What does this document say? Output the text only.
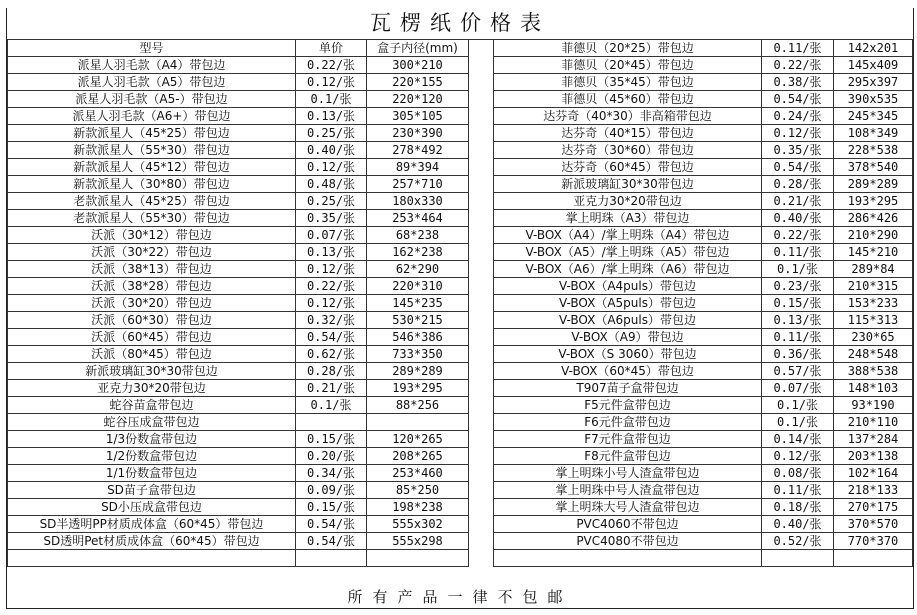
瓦楞纸价格表
型号	单价	盒子内径(mm)		菲德贝（20*25）带包边	0.11/张	142x201
派星人羽毛款（A4）带包边	0.22/张	300*210		菲德贝（20*45）带包边	0.22/张	145x409
派星人羽毛款（A5）带包边	0.12/张	220*155		菲德贝（35*45）带包边	0.38/张	295x397
派星人羽毛款（A5-）带包边	0.1/张	220*120		菲德贝（45*60）带包边	0.54/张	390x535
派星人羽毛款（A6+）带包边	0.13/张	305*105		达芬奇（40*30）非高箱带包边	0.24/张	245*345
新款派星人（45*25）带包边	0.25/张	230*390		达芬奇（40*15）带包边	0.12/张	108*349
新款派星人（55*30）带包边	0.40/张	278*492		达芬奇（30*60）带包边	0.35/张	228*538
新款派星人（45*12）带包边	0.12/张	89*394		达芬奇（60*45）带包边	0.54/张	378*540
新款派星人（30*80）带包边	0.48/张	257*710		新派玻璃缸30*30带包边	0.28/张	289*289
老款派星人（45*25）带包边	0.25/张	180x330		亚克力30*20带包边	0.21/张	193*295
老款派星人（55*30）带包边	0.35/张	253*464		掌上明珠（A3）带包边	0.40/张	286*426
沃派（30*12）带包边	0.07/张	68*238		V-BOX（A4）/掌上明珠（A4）带包边	0.22/张	210*290
沃派（30*22）带包边	0.13/张	162*238		V-BOX（A5）/掌上明珠（A5）带包边	0.11/张	145*210
沃派（38*13）带包边	0.12/张	62*290		V-BOX（A6）/掌上明珠（A6）带包边	0.1/张	289*84
沃派（38*28）带包边	0.22/张	220*310		V-BOX（A4puls）带包边	0.23/张	210*315
沃派（30*20）带包边	0.12/张	145*235		V-BOX（A5puls）带包边	0.15/张	153*233
沃派（60*30）带包边	0.32/张	530*215		V-BOX（A6puls）带包边	0.13/张	115*313
沃派（60*45）带包边	0.54/张	546*386		V-BOX（A9）带包边	0.11/张	230*65
沃派（80*45）带包边	0.62/张	733*350		V-BOX（S 3060）带包边	0.36/张	248*548
新派玻璃缸30*30带包边	0.28/张	289*289		V-BOX（60*45）带包边	0.57/张	388*538
亚克力30*20带包边	0.21/张	193*295		T907苗子盒带包边	0.07/张	148*103
蛇谷苗盒带包边	0.1/张	88*256		F5元件盒带包边	0.1/张	93*190
蛇谷压成盒带包边				F6元件盒带包边	0.1/张	210*110
1/3份数盒带包边	0.15/张	120*265		F7元件盒带包边	0.14/张	137*284
1/2份数盒带包边	0.20/张	208*265		F8元件盒带包边	0.12/张	203*138
1/1份数盒带包边	0.34/张	253*460		掌上明珠小号人渣盒带包边	0.08/张	102*164
SD苗子盒带包边	0.09/张	85*250		掌上明珠中号人渣盒带包边	0.11/张	218*133
SD小压成盒带包边	0.15/张	198*238		掌上明珠大号人渣盒带包边	0.18/张	270*175
SD半透明PP材质成体盒（60*45）带包边	0.54/张	555x302		PVC4060不带包边	0.40/张	370*570
SD透明Pet材质成体盒（60*45）带包边	0.54/张	555x298		PVC4080不带包边	0.52/张	770*370

所有产品一律不包邮
